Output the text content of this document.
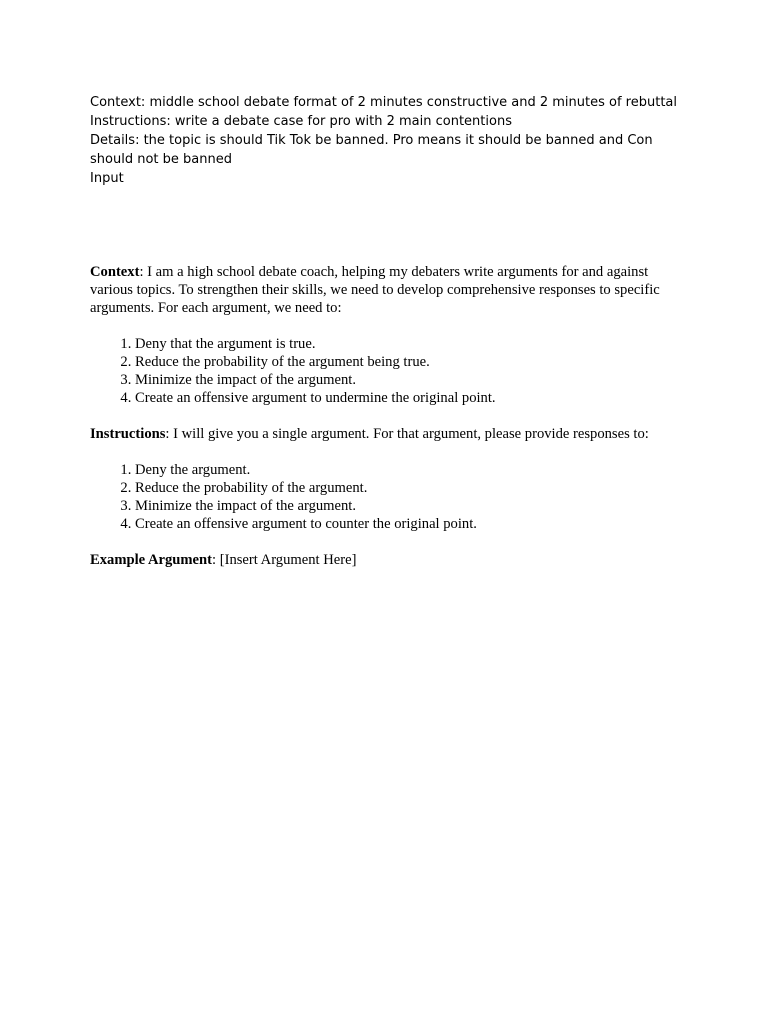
Context: middle school debate format of 2 minutes constructive and 2 minutes of rebuttal

Instructions: write a debate case for pro with 2 main contentions

Details: the topic is should Tik Tok be banned. Pro means it should be banned and Con should not be banned

Input

Context: I am a high school debate coach, helping my debaters write arguments for and against various topics. To strengthen their skills, we need to develop comprehensive responses to specific arguments. For each argument, we need to:

1. Deny that the argument is true.
2. Reduce the probability of the argument being true.
3. Minimize the impact of the argument.
4. Create an offensive argument to undermine the original point.

Instructions: I will give you a single argument. For that argument, please provide responses to:

1. Deny the argument.
2. Reduce the probability of the argument.
3. Minimize the impact of the argument.
4. Create an offensive argument to counter the original point.

Example Argument: [Insert Argument Here]
